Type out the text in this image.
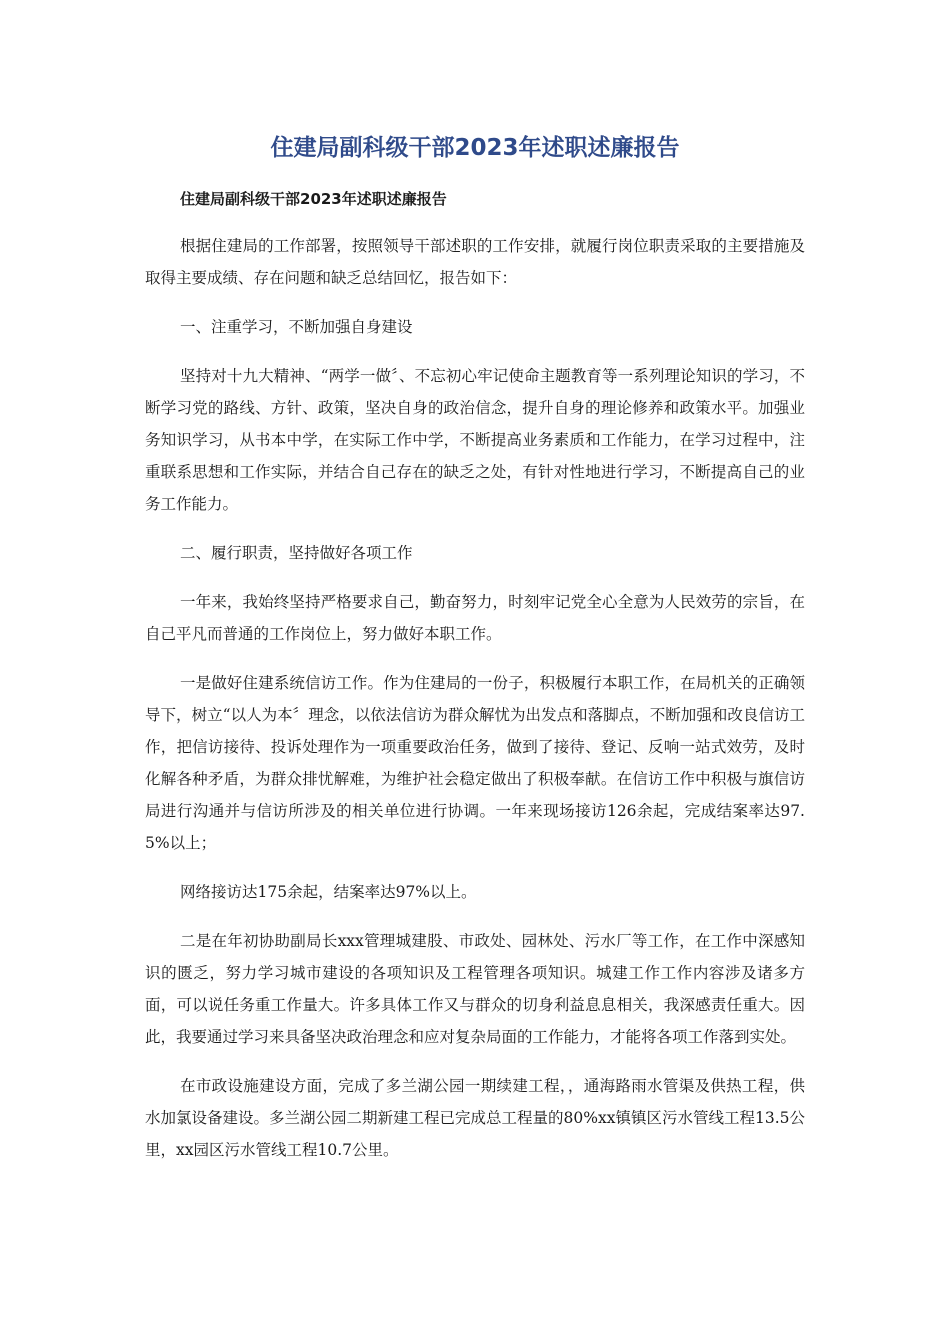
住建局副科级干部2023年述职述廉报告

住建局副科级干部2023年述职述廉报告

根据住建局的工作部署，按照领导干部述职的工作安排，就履行岗位职责采取的主要措施及取得主要成绩、存在问题和缺乏总结回忆，报告如下：

一、注重学习，不断加强自身建设

坚持对十九大精神、“两学一做〞、不忘初心牢记使命主题教育等一系列理论知识的学习，不断学习党的路线、方针、政策，坚决自身的政治信念，提升自身的理论修养和政策水平。加强业务知识学习，从书本中学，在实际工作中学，不断提高业务素质和工作能力，在学习过程中，注重联系思想和工作实际，并结合自己存在的缺乏之处，有针对性地进行学习，不断提高自己的业务工作能力。

二、履行职责，坚持做好各项工作

一年来，我始终坚持严格要求自己，勤奋努力，时刻牢记党全心全意为人民效劳的宗旨，在自己平凡而普通的工作岗位上，努力做好本职工作。

一是做好住建系统信访工作。作为住建局的一份子，积极履行本职工作，在局机关的正确领导下，树立“以人为本〞理念，以依法信访为群众解忧为出发点和落脚点，不断加强和改良信访工作，把信访接待、投诉处理作为一项重要政治任务，做到了接待、登记、反响一站式效劳，及时化解各种矛盾，为群众排忧解难，为维护社会稳定做出了积极奉献。在信访工作中积极与旗信访局进行沟通并与信访所涉及的相关单位进行协调。一年来现场接访126余起，完成结案率达97.5%以上；

网络接访达175余起，结案率达97%以上。

二是在年初协助副局长xxx管理城建股、市政处、园林处、污水厂等工作，在工作中深感知识的匮乏，努力学习城市建设的各项知识及工程管理各项知识。城建工作工作内容涉及诸多方面，可以说任务重工作量大。许多具体工作又与群众的切身利益息息相关，我深感责任重大。因此，我要通过学习来具备坚决政治理念和应对复杂局面的工作能力，才能将各项工作落到实处。

在市政设施建设方面，完成了多兰湖公园一期续建工程，，通海路雨水管渠及供热工程，供水加氯设备建设。多兰湖公园二期新建工程已完成总工程量的80%xx镇镇区污水管线工程13.5公里，xx园区污水管线工程10.7公里。
